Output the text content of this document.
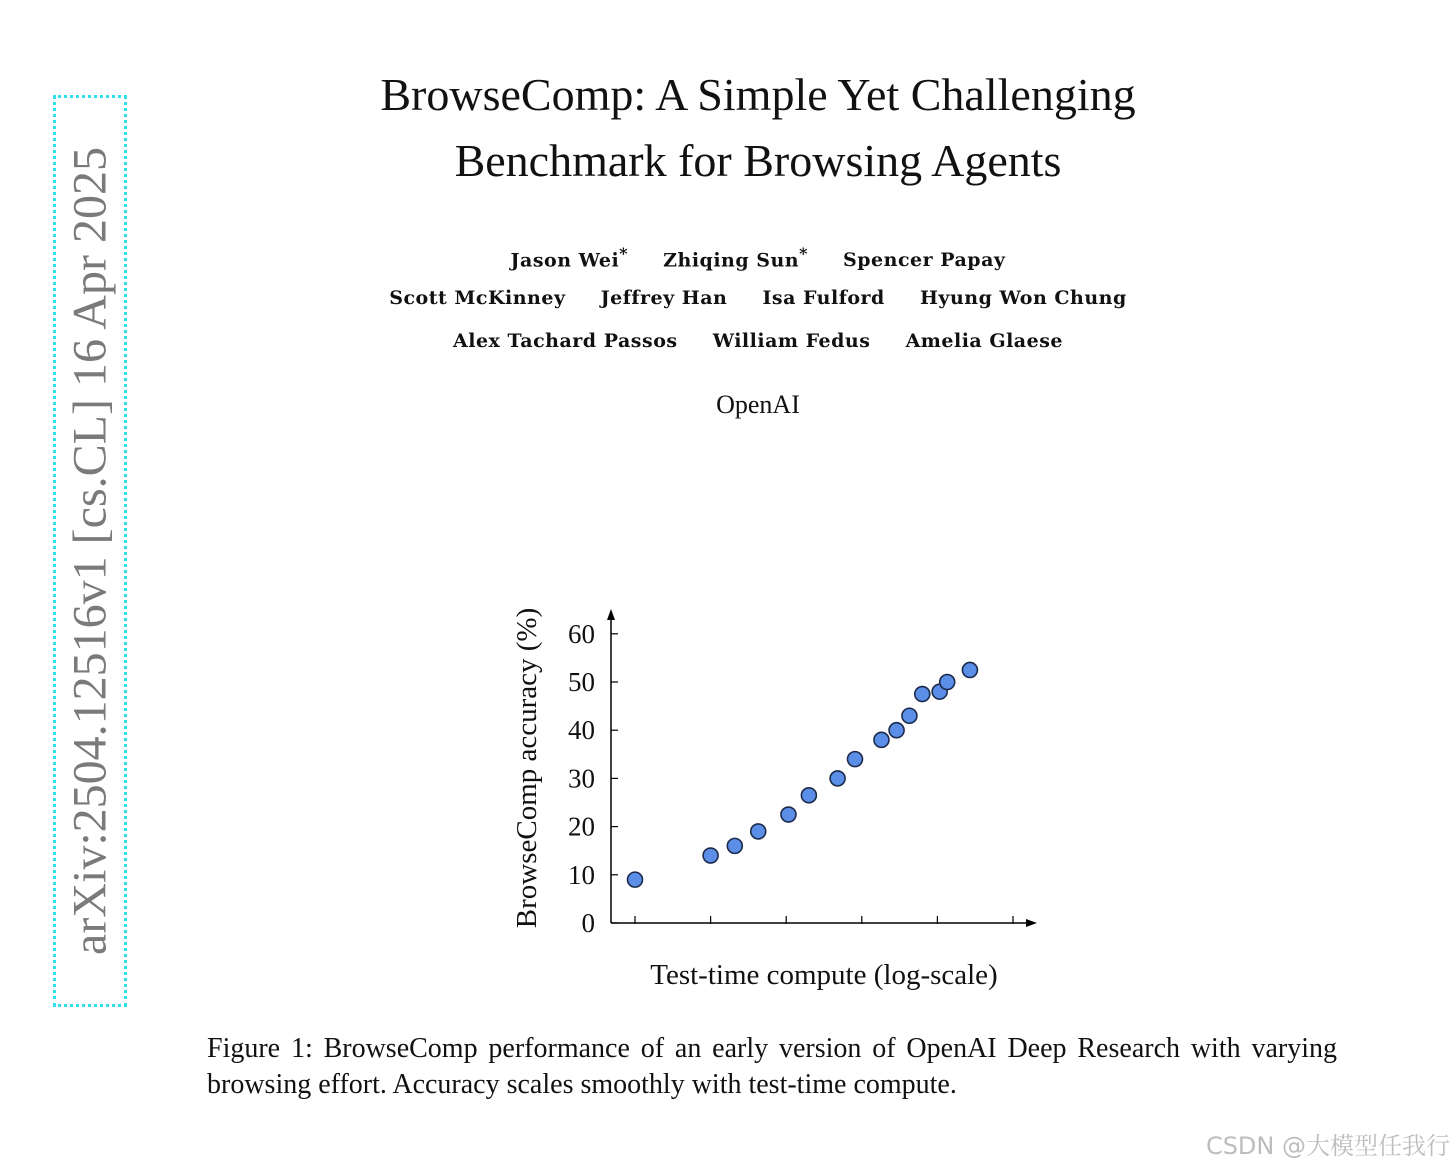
arXiv:2504.12516v1 [cs.CL] 16 Apr 2025
BrowseComp: A Simple Yet Challenging
Benchmark for Browsing Agents
Jason Wei* Zhiqing Sun* Spencer Papay
Scott McKinney Jeffrey Han Isa Fulford Hyung Won Chung
Alex Tachard Passos William Fedus Amelia Glaese
OpenAI
0
10
20
30
40
50
60
Test-time compute (log-scale)
BrowseComp accuracy (%)
Figure 1: BrowseComp performance of an early version of OpenAI Deep Research with varying browsing effort. Accuracy scales smoothly with test-time compute.
CSDN @大模型任我行
